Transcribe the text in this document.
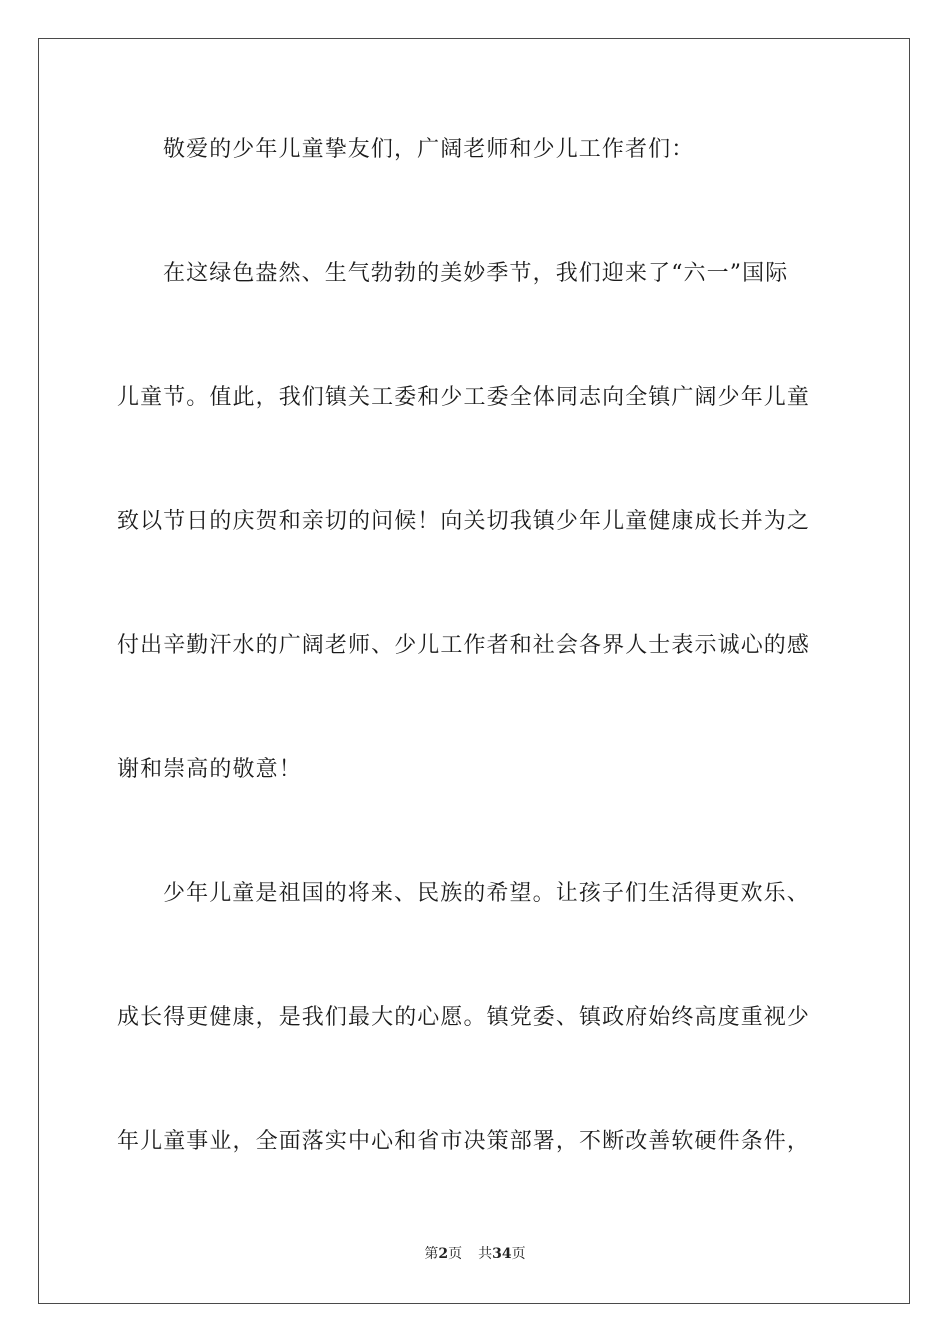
敬爱的少年儿童挚友们，广阔老师和少儿工作者们：
在这绿色盎然、生气勃勃的美妙季节，我们迎来了“六一”国际
儿童节。值此，我们镇关工委和少工委全体同志向全镇广阔少年儿童
致以节日的庆贺和亲切的问候！向关切我镇少年儿童健康成长并为之
付出辛勤汗水的广阔老师、少儿工作者和社会各界人士表示诚心的感
谢和崇高的敬意！
少年儿童是祖国的将来、民族的希望。让孩子们生活得更欢乐、
成长得更健康，是我们最大的心愿。镇党委、镇政府始终高度重视少
年儿童事业，全面落实中心和省市决策部署，不断改善软硬件条件，
第2页 共34页
